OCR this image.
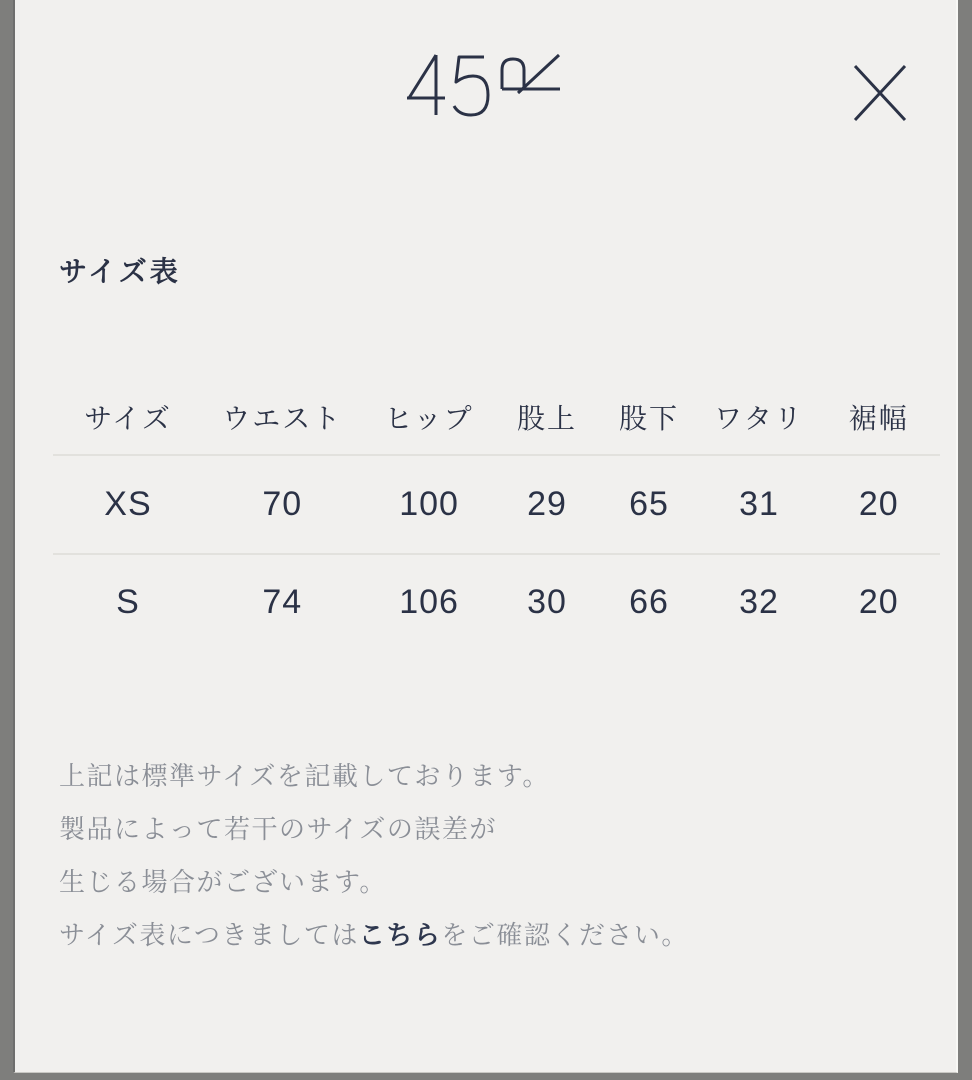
サイズ表
サイズ	ウエスト	ヒップ	股上	股下	ワタリ	裾幅
XS	70	100	29	65	31	20
S	74	106	30	66	32	20

上記は標準サイズを記載しております。

製品によって若干のサイズの誤差が

生じる場合がございます。

サイズ表につきましてはこちらをご確認ください。
